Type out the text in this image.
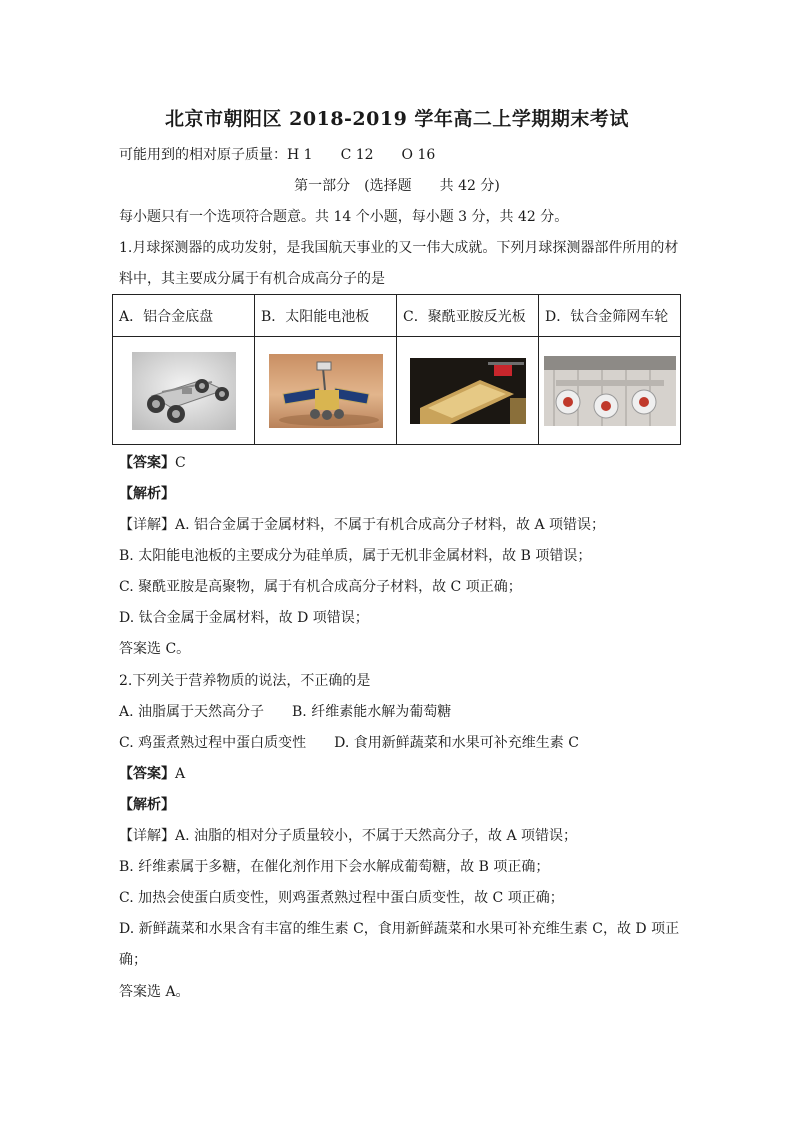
北京市朝阳区 2018-2019 学年高二上学期期末考试
可能用到的相对原子质量：H 1　　C 12　　O 16
第一部分　(选择题　　共 42 分)
每小题只有一个选项符合题意。共 14 个小题，每小题 3 分，共 42 分。
1.月球探测器的成功发射，是我国航天事业的又一伟大成就。下列月球探测器部件所用的材
料中，其主要成分属于有机合成高分子的是
A．铝合金底盘	B．太阳能电池板	C．聚酰亚胺反光板	D．钛合金筛网车轮

【答案】C
【解析】
【详解】A. 铝合金属于金属材料，不属于有机合成高分子材料，故 A 项错误；
B. 太阳能电池板的主要成分为硅单质，属于无机非金属材料，故 B 项错误；
C. 聚酰亚胺是高聚物，属于有机合成高分子材料，故 C 项正确；
D. 钛合金属于金属材料，故 D 项错误；
答案选 C。
2.下列关于营养物质的说法，不正确的是
A. 油脂属于天然高分子　　B. 纤维素能水解为葡萄糖
C. 鸡蛋煮熟过程中蛋白质变性　　D. 食用新鲜蔬菜和水果可补充维生素 C
【答案】A
【解析】
【详解】A. 油脂的相对分子质量较小，不属于天然高分子，故 A 项错误；
B. 纤维素属于多糖，在催化剂作用下会水解成葡萄糖，故 B 项正确；
C. 加热会使蛋白质变性，则鸡蛋煮熟过程中蛋白质变性，故 C 项正确；
D. 新鲜蔬菜和水果含有丰富的维生素 C，食用新鲜蔬菜和水果可补充维生素 C，故 D 项正
确；
答案选 A。
